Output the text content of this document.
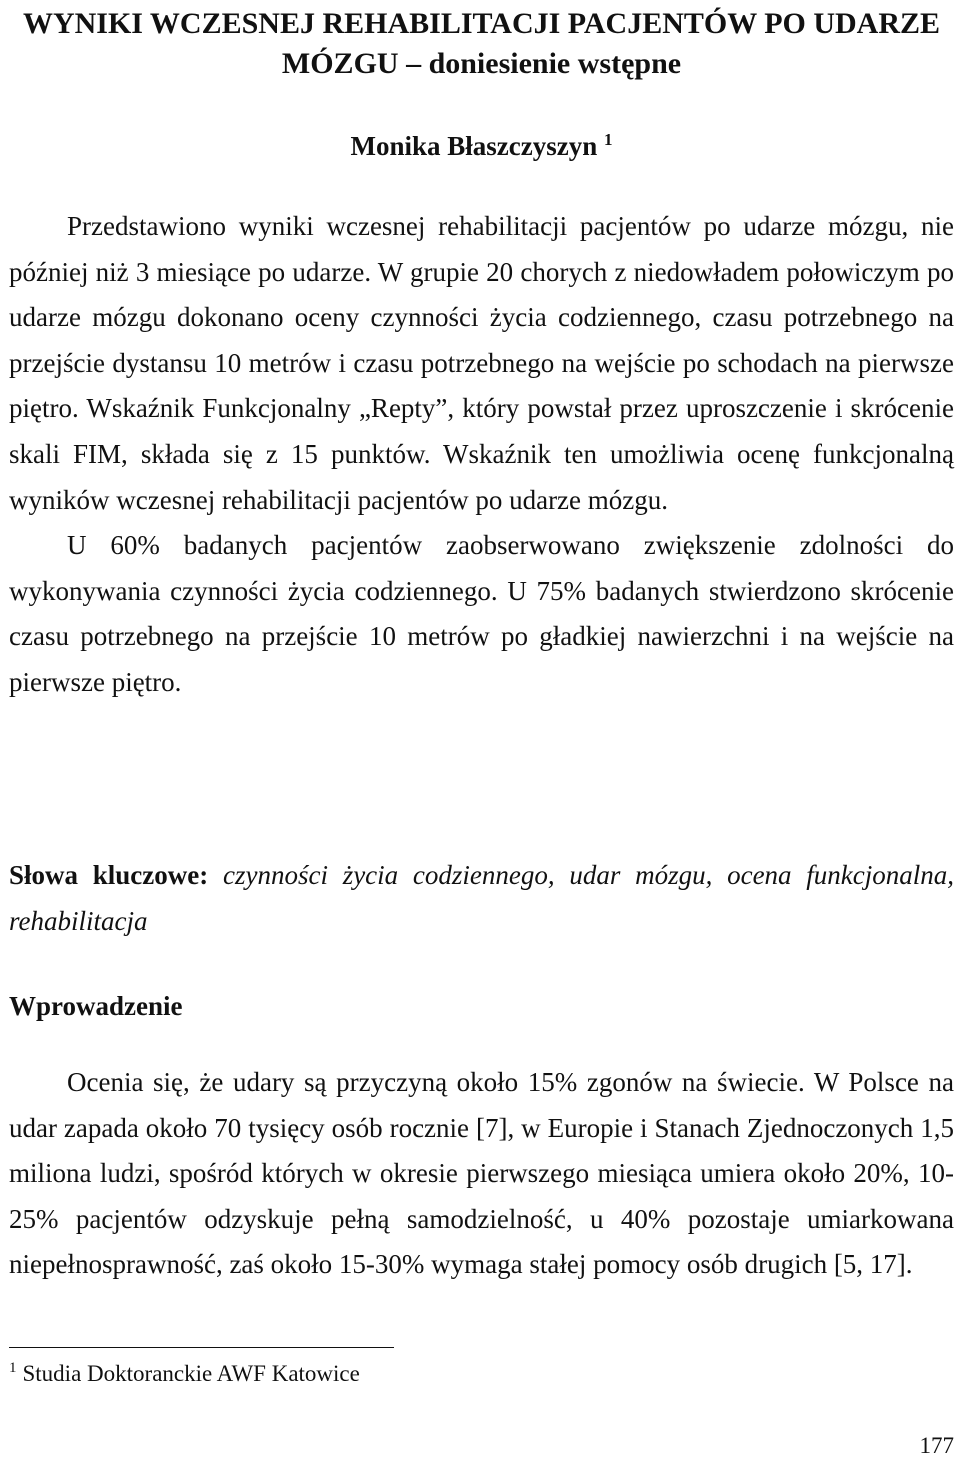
WYNIKI WCZESNEJ REHABILITACJI PACJENTÓW PO UDARZE MÓZGU – doniesienie wstępne
Monika Błaszczyszyn $^1$

Przedstawiono wyniki wczesnej rehabilitacji pacjentów po udarze mózgu, nie później niż 3 miesiące po udarze. W grupie 20 chorych z niedowładem połowiczym po udarze mózgu dokonano oceny czynności życia codziennego, czasu potrzebnego na przejście dystansu 10 metrów i czasu potrzebnego na wejście po schodach na pierwsze piętro. Wskaźnik Funkcjonalny „Repty”, który powstał przez uproszczenie i skrócenie skali FIM, składa się z 15 punktów. Wskaźnik ten umożliwia ocenę funkcjonalną wyników wczesnej rehabilitacji pacjentów po udarze mózgu.

U 60% badanych pacjentów zaobserwowano zwiększenie zdolności do wykonywania czynności życia codziennego. U 75% badanych stwierdzono skrócenie czasu potrzebnego na przejście 10 metrów po gładkiej nawierzchni i na wejście na pierwsze piętro.

Słowa kluczowe: czynności życia codziennego, udar mózgu, ocena funkcjonalna, rehabilitacja
Wprowadzenie

Ocenia się, że udary są przyczyną około 15% zgonów na świecie. W Polsce na udar zapada około 70 tysięcy osób rocznie [7], w Europie i Stanach Zjednoczonych 1,5 miliona ludzi, spośród których w okresie pierwszego miesiąca umiera około 20%, 10-25% pacjentów odzyskuje pełną samodzielność, u 40% pozostaje umiarkowana niepełnosprawność, zaś około 15-30% wymaga stałej pomocy osób drugich [5, 17].

$^1$ Studia Doktoranckie AWF Katowice
177
